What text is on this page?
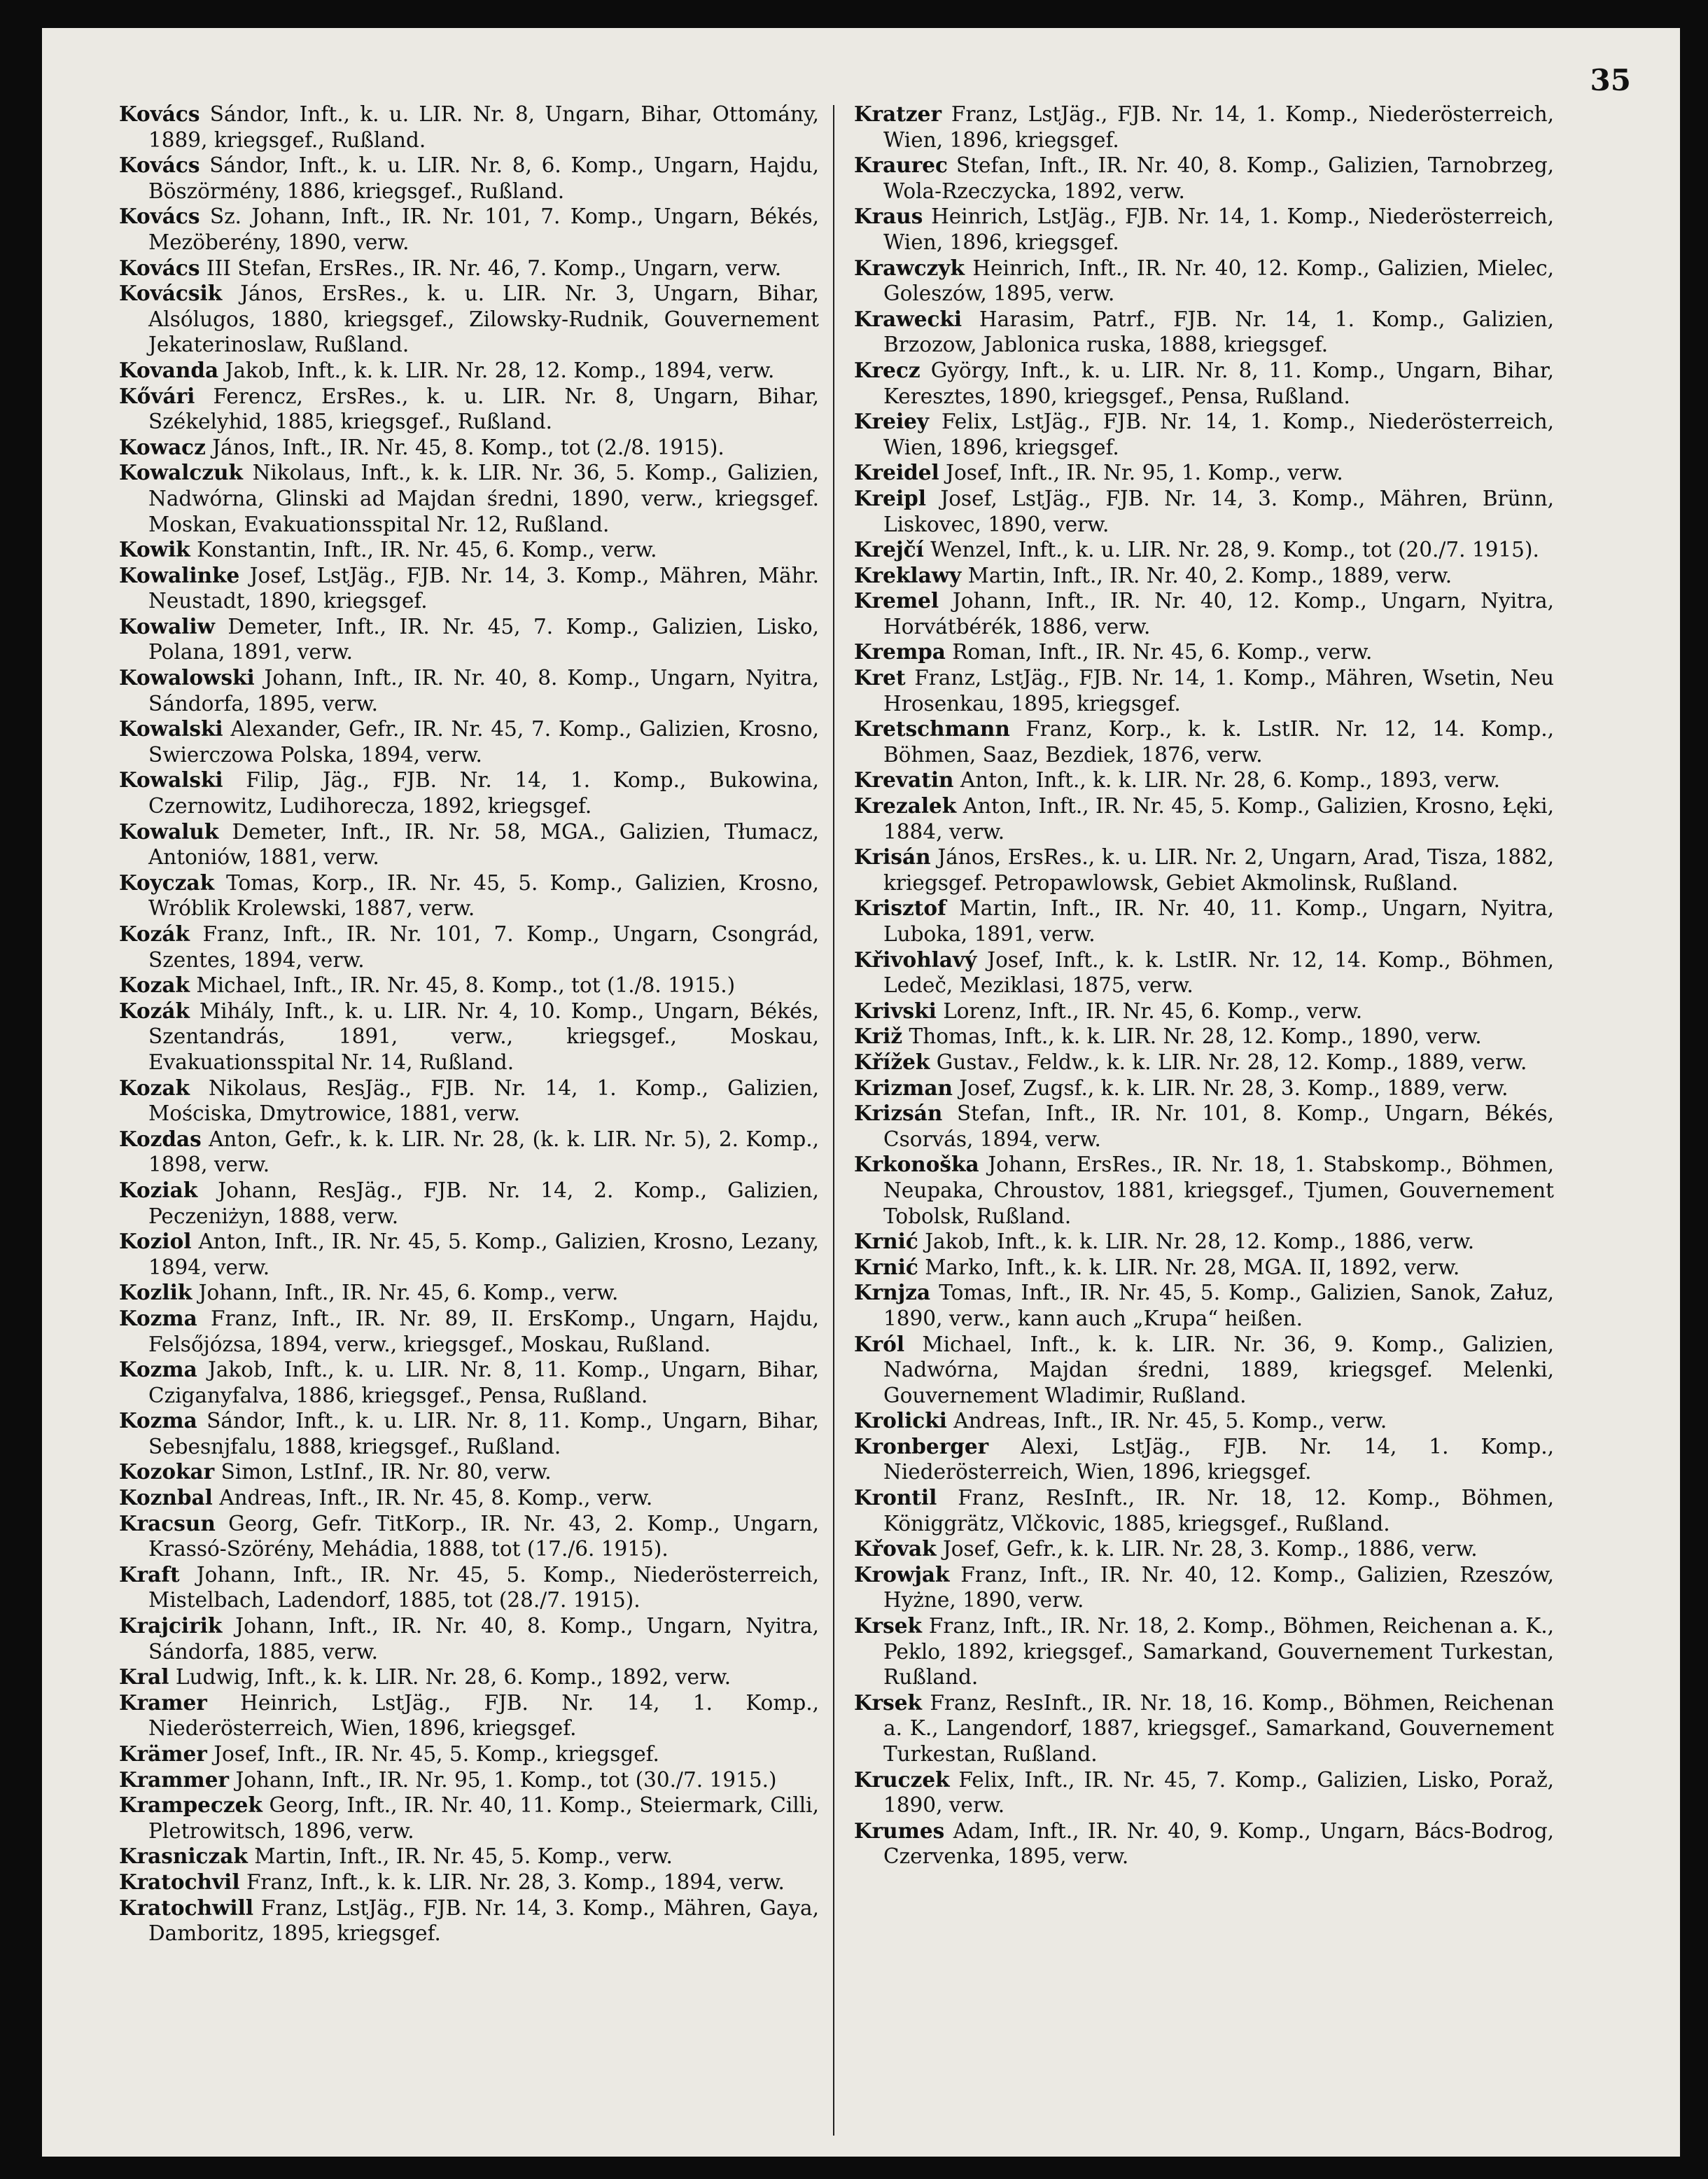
35

Kovács Sándor, Inft., k. u. LIR. Nr. 8, Ungarn, Bihar, Ottomány, 1889, kriegsgef., Rußland.

Kovács Sándor, Inft., k. u. LIR. Nr. 8, 6. Komp., Ungarn, Hajdu, Böszörmény, 1886, kriegsgef., Rußland.

Kovács Sz. Johann, Inft., IR. Nr. 101, 7. Komp., Ungarn, Békés, Mezöberény, 1890, verw.

Kovács III Stefan, ErsRes., IR. Nr. 46, 7. Komp., Ungarn, verw.

Kovácsik János, ErsRes., k. u. LIR. Nr. 3, Ungarn, Bihar, Alsólugos, 1880, kriegsgef., Zilowsky-Rudnik, Gouvernement Jekaterinoslaw, Rußland.

Kovanda Jakob, Inft., k. k. LIR. Nr. 28, 12. Komp., 1894, verw.

Kővári Ferencz, ErsRes., k. u. LIR. Nr. 8, Ungarn, Bihar, Székelyhid, 1885, kriegsgef., Rußland.

Kowacz János, Inft., IR. Nr. 45, 8. Komp., tot (2./8. 1915).

Kowalczuk Nikolaus, Inft., k. k. LIR. Nr. 36, 5. Komp., Galizien, Nadwórna, Glinski ad Majdan średni, 1890, verw., kriegsgef. Moskan, Evakuationsspital Nr. 12, Rußland.

Kowik Konstantin, Inft., IR. Nr. 45, 6. Komp., verw.

Kowalinke Josef, LstJäg., FJB. Nr. 14, 3. Komp., Mähren, Mähr. Neustadt, 1890, kriegsgef.

Kowaliw Demeter, Inft., IR. Nr. 45, 7. Komp., Galizien, Lisko, Polana, 1891, verw.

Kowalowski Johann, Inft., IR. Nr. 40, 8. Komp., Ungarn, Nyitra, Sándorfa, 1895, verw.

Kowalski Alexander, Gefr., IR. Nr. 45, 7. Komp., Galizien, Krosno, Swierczowa Polska, 1894, verw.

Kowalski Filip, Jäg., FJB. Nr. 14, 1. Komp., Bukowina, Czernowitz, Ludihorecza, 1892, kriegsgef.

Kowaluk Demeter, Inft., IR. Nr. 58, MGA., Galizien, Tłumacz, Antoniów, 1881, verw.

Koyczak Tomas, Korp., IR. Nr. 45, 5. Komp., Galizien, Krosno, Wróblik Krolewski, 1887, verw.

Kozák Franz, Inft., IR. Nr. 101, 7. Komp., Ungarn, Csongrád, Szentes, 1894, verw.

Kozak Michael, Inft., IR. Nr. 45, 8. Komp., tot (1./8. 1915.)

Kozák Mihály, Inft., k. u. LIR. Nr. 4, 10. Komp., Ungarn, Békés, Szentandrás, 1891, verw., kriegsgef., Moskau, Evakuationsspital Nr. 14, Rußland.

Kozak Nikolaus, ResJäg., FJB. Nr. 14, 1. Komp., Galizien, Mościska, Dmytrowice, 1881, verw.

Kozdas Anton, Gefr., k. k. LIR. Nr. 28, (k. k. LIR. Nr. 5), 2. Komp., 1898, verw.

Koziak Johann, ResJäg., FJB. Nr. 14, 2. Komp., Galizien, Peczeniżyn, 1888, verw.

Koziol Anton, Inft., IR. Nr. 45, 5. Komp., Galizien, Krosno, Lezany, 1894, verw.

Kozlik Johann, Inft., IR. Nr. 45, 6. Komp., verw.

Kozma Franz, Inft., IR. Nr. 89, II. ErsKomp., Ungarn, Hajdu, Felsőjózsa, 1894, verw., kriegsgef., Moskau, Rußland.

Kozma Jakob, Inft., k. u. LIR. Nr. 8, 11. Komp., Ungarn, Bihar, Cziganyfalva, 1886, kriegsgef., Pensa, Rußland.

Kozma Sándor, Inft., k. u. LIR. Nr. 8, 11. Komp., Ungarn, Bihar, Sebesnjfalu, 1888, kriegsgef., Rußland.

Kozokar Simon, LstInf., IR. Nr. 80, verw.

Koznbal Andreas, Inft., IR. Nr. 45, 8. Komp., verw.

Kracsun Georg, Gefr. TitKorp., IR. Nr. 43, 2. Komp., Ungarn, Krassó-Szörény, Mehádia, 1888, tot (17./6. 1915).

Kraft Johann, Inft., IR. Nr. 45, 5. Komp., Niederösterreich, Mistelbach, Ladendorf, 1885, tot (28./7. 1915).

Krajcirik Johann, Inft., IR. Nr. 40, 8. Komp., Ungarn, Nyitra, Sándorfa, 1885, verw.

Kral Ludwig, Inft., k. k. LIR. Nr. 28, 6. Komp., 1892, verw.

Kramer Heinrich, LstJäg., FJB. Nr. 14, 1. Komp., Niederösterreich, Wien, 1896, kriegsgef.

Krämer Josef, Inft., IR. Nr. 45, 5. Komp., kriegsgef.

Krammer Johann, Inft., IR. Nr. 95, 1. Komp., tot (30./7. 1915.)

Krampeczek Georg, Inft., IR. Nr. 40, 11. Komp., Steiermark, Cilli, Pletrowitsch, 1896, verw.

Krasniczak Martin, Inft., IR. Nr. 45, 5. Komp., verw.

Kratochvil Franz, Inft., k. k. LIR. Nr. 28, 3. Komp., 1894, verw.

Kratochwill Franz, LstJäg., FJB. Nr. 14, 3. Komp., Mähren, Gaya, Damboritz, 1895, kriegsgef.

Kratzer Franz, LstJäg., FJB. Nr. 14, 1. Komp., Niederösterreich, Wien, 1896, kriegsgef.

Kraurec Stefan, Inft., IR. Nr. 40, 8. Komp., Galizien, Tarnobrzeg, Wola-Rzeczycka, 1892, verw.

Kraus Heinrich, LstJäg., FJB. Nr. 14, 1. Komp., Niederösterreich, Wien, 1896, kriegsgef.

Krawczyk Heinrich, Inft., IR. Nr. 40, 12. Komp., Galizien, Mielec, Goleszów, 1895, verw.

Krawecki Harasim, Patrf., FJB. Nr. 14, 1. Komp., Galizien, Brzozow, Jablonica ruska, 1888, kriegsgef.

Krecz György, Inft., k. u. LIR. Nr. 8, 11. Komp., Ungarn, Bihar, Keresztes, 1890, kriegsgef., Pensa, Rußland.

Kreiey Felix, LstJäg., FJB. Nr. 14, 1. Komp., Niederösterreich, Wien, 1896, kriegsgef.

Kreidel Josef, Inft., IR. Nr. 95, 1. Komp., verw.

Kreipl Josef, LstJäg., FJB. Nr. 14, 3. Komp., Mähren, Brünn, Liskovec, 1890, verw.

Krejčí Wenzel, Inft., k. u. LIR. Nr. 28, 9. Komp., tot (20./7. 1915).

Kreklawy Martin, Inft., IR. Nr. 40, 2. Komp., 1889, verw.

Kremel Johann, Inft., IR. Nr. 40, 12. Komp., Ungarn, Nyitra, Horvátbérék, 1886, verw.

Krempa Roman, Inft., IR. Nr. 45, 6. Komp., verw.

Kret Franz, LstJäg., FJB. Nr. 14, 1. Komp., Mähren, Wsetin, Neu Hrosenkau, 1895, kriegsgef.

Kretschmann Franz, Korp., k. k. LstIR. Nr. 12, 14. Komp., Böhmen, Saaz, Bezdiek, 1876, verw.

Krevatin Anton, Inft., k. k. LIR. Nr. 28, 6. Komp., 1893, verw.

Krezalek Anton, Inft., IR. Nr. 45, 5. Komp., Galizien, Krosno, Łęki, 1884, verw.

Krisán János, ErsRes., k. u. LIR. Nr. 2, Ungarn, Arad, Tisza, 1882, kriegsgef. Petropawlowsk, Gebiet Akmolinsk, Rußland.

Krisztof Martin, Inft., IR. Nr. 40, 11. Komp., Ungarn, Nyitra, Luboka, 1891, verw.

Křivohlavý Josef, Inft., k. k. LstIR. Nr. 12, 14. Komp., Böhmen, Ledeč, Meziklasi, 1875, verw.

Krivski Lorenz, Inft., IR. Nr. 45, 6. Komp., verw.

Križ Thomas, Inft., k. k. LIR. Nr. 28, 12. Komp., 1890, verw.

Křížek Gustav., Feldw., k. k. LIR. Nr. 28, 12. Komp., 1889, verw.

Krizman Josef, Zugsf., k. k. LIR. Nr. 28, 3. Komp., 1889, verw.

Krizsán Stefan, Inft., IR. Nr. 101, 8. Komp., Ungarn, Békés, Csorvás, 1894, verw.

Krkonoška Johann, ErsRes., IR. Nr. 18, 1. Stabskomp., Böhmen, Neupaka, Chroustov, 1881, kriegsgef., Tjumen, Gouvernement Tobolsk, Rußland.

Krnić Jakob, Inft., k. k. LIR. Nr. 28, 12. Komp., 1886, verw.

Krnić Marko, Inft., k. k. LIR. Nr. 28, MGA. II, 1892, verw.

Krnjza Tomas, Inft., IR. Nr. 45, 5. Komp., Galizien, Sanok, Załuz, 1890, verw., kann auch „Krupa“ heißen.

Król Michael, Inft., k. k. LIR. Nr. 36, 9. Komp., Galizien, Nadwórna, Majdan średni, 1889, kriegsgef. Melenki, Gouvernement Wladimir, Rußland.

Krolicki Andreas, Inft., IR. Nr. 45, 5. Komp., verw.

Kronberger Alexi, LstJäg., FJB. Nr. 14, 1. Komp., Niederösterreich, Wien, 1896, kriegsgef.

Krontil Franz, ResInft., IR. Nr. 18, 12. Komp., Böhmen, Königgrätz, Vlčkovic, 1885, kriegsgef., Rußland.

Křovak Josef, Gefr., k. k. LIR. Nr. 28, 3. Komp., 1886, verw.

Krowjak Franz, Inft., IR. Nr. 40, 12. Komp., Galizien, Rzeszów, Hyżne, 1890, verw.

Krsek Franz, Inft., IR. Nr. 18, 2. Komp., Böhmen, Reichenan a. K., Peklo, 1892, kriegsgef., Samarkand, Gouvernement Turkestan, Rußland.

Krsek Franz, ResInft., IR. Nr. 18, 16. Komp., Böhmen, Reichenan a. K., Langendorf, 1887, kriegsgef., Samarkand, Gouvernement Turkestan, Rußland.

Kruczek Felix, Inft., IR. Nr. 45, 7. Komp., Galizien, Lisko, Poraž, 1890, verw.

Krumes Adam, Inft., IR. Nr. 40, 9. Komp., Ungarn, Bács-Bodrog, Czervenka, 1895, verw.
